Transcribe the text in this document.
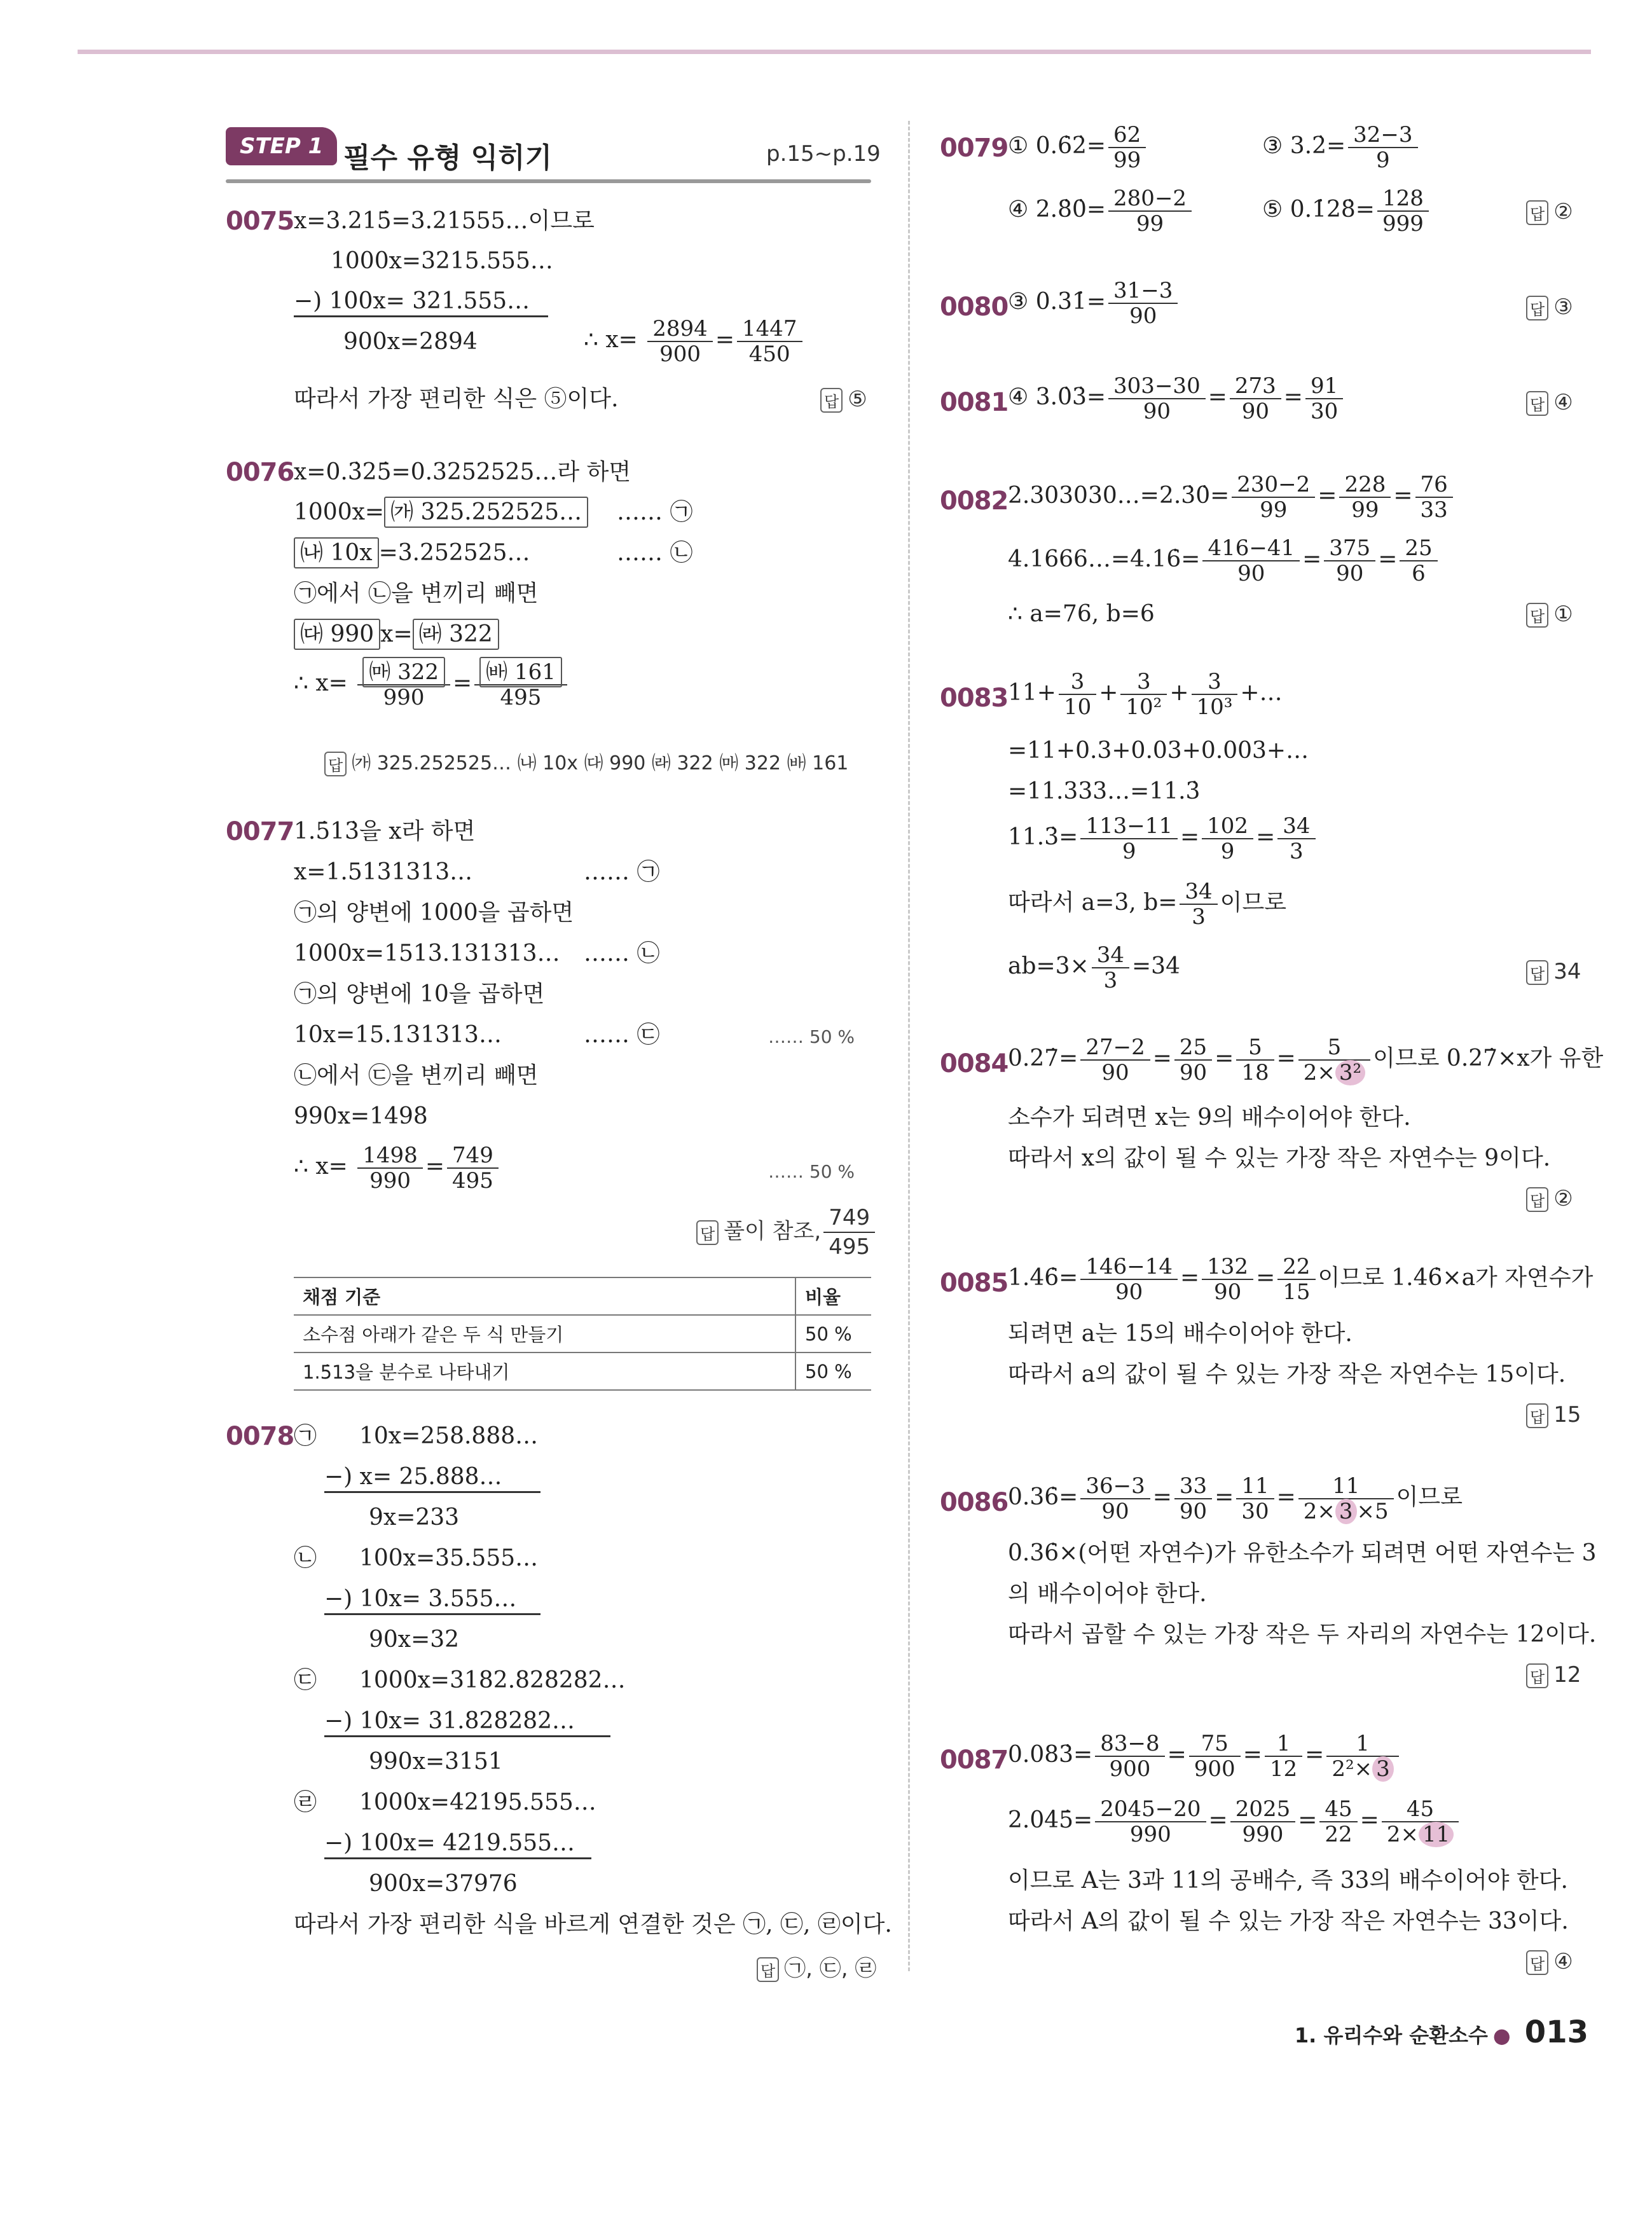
STEP 1 필수 유형 익히기	p.15~p.19
0075 x=3.215̇=3.21555…이므로
1000x=3215.555…
−) 100x= 321.555…
900x=2894	∴ $x= \frac{2894}{900} = \frac{1447}{450}$
따라서 가장 편리한 식은 ⑤이다.	답 ⑤
0076 x=0.3̇25̇=0.3252525…라 하면
1000x= ㈎ 325.252525… …… ㉠
㈏ 10x =3.252525…	…… ㉡
㉠에서 ㉡을 변끼리 빼면
㈐ 990 x= ㈑ 322
∴ $x= \frac{㈒ 322}{990} = \frac{㈓ 161}{495}$
답 ㈎ 325.252525… ㈏ 10x ㈐ 990 ㈑ 322 ㈒ 322 ㈓ 161
0077 1.5̇13̇을 x라 하면
x=1.5131313…	…… ㉠
㉠의 양변에 1000을 곱하면
1000x=1513.131313… …… ㉡
㉠의 양변에 10을 곱하면
10x=15.131313…	…… ㉢	…… 50 %
㉡에서 ㉢을 변끼리 빼면
990x=1498
∴ $x= \frac{1498}{990} = \frac{749}{495}$	…… 50 %
답 풀이 참조, $\frac{749}{495}$
채점 기준	비율
소수점 아래가 같은 두 식 만들기	50 %
1.5̇13̇을 분수로 나타내기	50 %
0078 ㉠ 10x=258.888…
−) x= 25.888…
9x=233
㉡ 100x=35.555…
−) 10x= 3.555…
90x=32
㉢ 1000x=3182.828282…
−) 10x= 31.828282…
990x=3151
㉣ 1000x=42195.555…
−) 100x= 4219.555…
900x=37976
따라서 가장 편리한 식을 바르게 연결한 것은 ㉠, ㉢, ㉣이다.
답 ㉠, ㉢, ㉣
0079 ① 0.6̇2̇= $\frac{62}{99}$	③ 3.2̇= $\frac{32-3}{9}$
④ 2.8̇0̇= $\frac{280-2}{99}$	⑤ 0.1̇28̇= $\frac{128}{999}$	답 ②
0080 ③ 0.31̇= $\frac{31-3}{90}$	답 ③
0081 ④ 3.0̇3̇= $\frac{303-30}{90} = \frac{273}{90} = \frac{91}{30}$	답 ④
0082 2.303030…=2.3̇0̇= $\frac{230-2}{99} = \frac{228}{99} = \frac{76}{33}$
4.1666…=4.16̇= $\frac{416-41}{90} = \frac{375}{90} = \frac{25}{6}$
∴ a=76, b=6	답 ①
0083 $11+ \frac{3}{10} + \frac{3}{\text{10²}} + \frac{3}{\text{10³}}$ +…
=11+0.3+0.03+0.003+…
=11.333…=11.3̇
11.3̇= $\frac{113-11}{9} = \frac{102}{9} = \frac{34}{3}$
따라서 a=3, $b= \frac{34}{3}$ 이므로
$ab=3\times \frac{34}{3} =34$	답 34
0084 0.27̇= $\frac{27-2}{90} = \frac{25}{90} = \frac{5}{18} = \frac{5}{\text{2× 3²}}$ 이므로 0.27̇×x가 유한
소수가 되려면 x는 9의 배수이어야 한다.
따라서 x의 값이 될 수 있는 가장 작은 자연수는 9이다.
답 ②
0085 1.46̇= $\frac{146-14}{90} = \frac{132}{90} = \frac{22}{15}$ 이므로 1.46̇×a가 자연수가
되려면 a는 15의 배수이어야 한다.
따라서 a의 값이 될 수 있는 가장 작은 자연수는 15이다.
답 15
0086 0.36̇= $\frac{36-3}{90} = \frac{33}{90} = \frac{11}{30} = \frac{11}{2\times 3 \times 5}$ 이므로
0.36̇×(어떤 자연수)가 유한소수가 되려면 어떤 자연수는 3
의 배수이어야 한다.
따라서 곱할 수 있는 가장 작은 두 자리의 자연수는 12이다.
답 12
0087 0.083̇= $\frac{83-8}{900} = \frac{75}{900} = \frac{1}{12} = \frac{1}{\text{2²× 3}}$
2.04̇5̇= $\frac{2045-20}{990} = \frac{2025}{990} = \frac{45}{22} = \frac{45}{2\times 11}$
이므로 A는 3과 11의 공배수, 즉 33의 배수이어야 한다.
따라서 A의 값이 될 수 있는 가장 작은 자연수는 33이다.
답 ④
1. 유리수와 순환소수 ● 013
